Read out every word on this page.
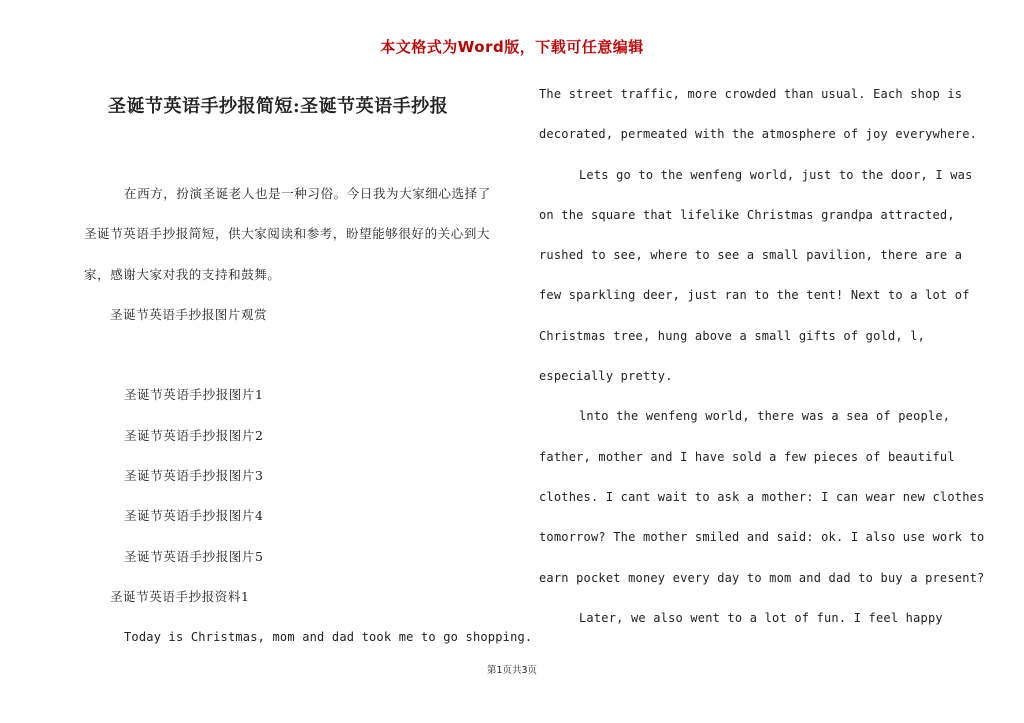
本文格式为Word版，下载可任意编辑
圣诞节英语手抄报简短:圣诞节英语手抄报
在西方，扮演圣诞老人也是一种习俗。今日我为大家细心选择了
圣诞节英语手抄报简短，供大家阅读和参考，盼望能够很好的关心到大
家，感谢大家对我的支持和鼓舞。
圣诞节英语手抄报图片观赏
圣诞节英语手抄报图片1
圣诞节英语手抄报图片2
圣诞节英语手抄报图片3
圣诞节英语手抄报图片4
圣诞节英语手抄报图片5
圣诞节英语手抄报资料1
Today is Christmas, mom and dad took me to go shopping.
The street traffic, more crowded than usual. Each shop is
decorated, permeated with the atmosphere of joy everywhere.
Lets go to the wenfeng world, just to the door, I was
on the square that lifelike Christmas grandpa attracted,
rushed to see, where to see a small pavilion, there are a
few sparkling deer, just ran to the tent! Next to a lot of
Christmas tree, hung above a small gifts of gold, l,
especially pretty.
lnto the wenfeng world, there was a sea of people,
father, mother and I have sold a few pieces of beautiful
clothes. I cant wait to ask a mother: I can wear new clothes
tomorrow? The mother smiled and said: ok. I also use work to
earn pocket money every day to mom and dad to buy a present?
Later, we also went to a lot of fun. I feel happy
第1页共3页
